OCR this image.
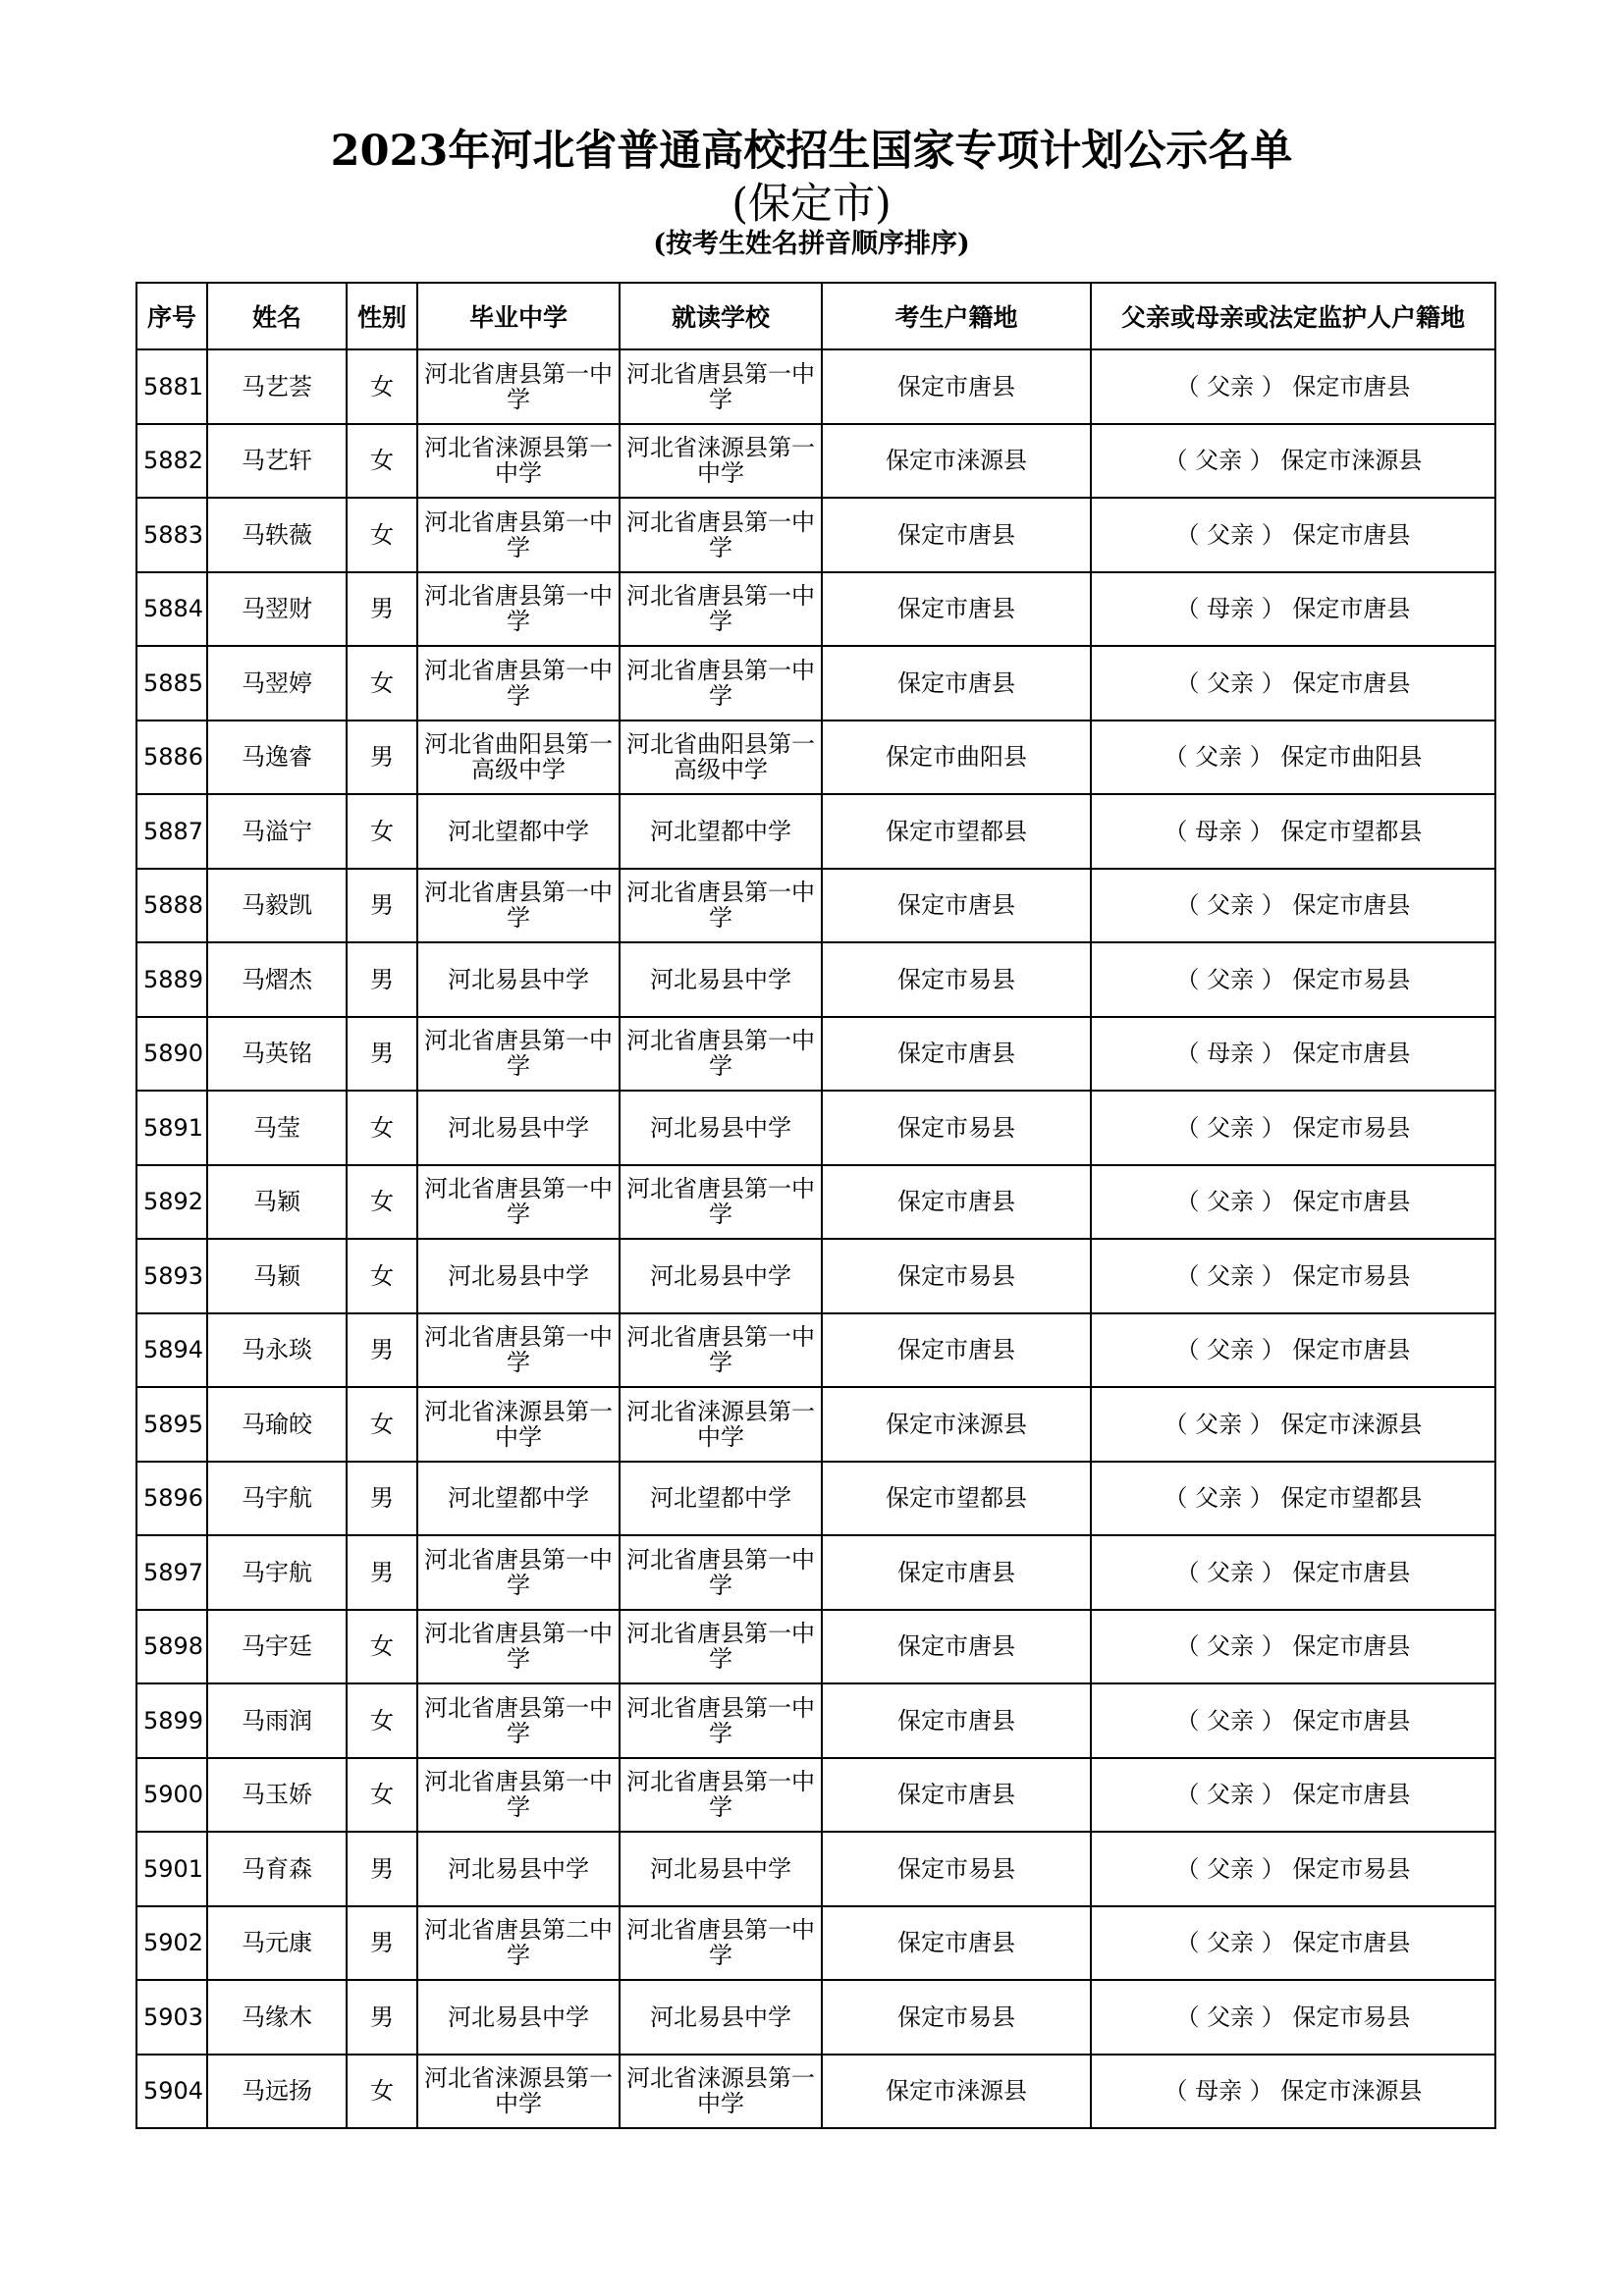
2023年河北省普通高校招生国家专项计划公示名单
(保定市)
(按考生姓名拼音顺序排序)
序号	姓名	性别	毕业中学	就读学校	考生户籍地	父亲或母亲或法定监护人户籍地
5881	马艺荟	女	河北省唐县第一中学	河北省唐县第一中学	保定市唐县	（ 父亲 ） 保定市唐县
5882	马艺轩	女	河北省涞源县第一中学	河北省涞源县第一中学	保定市涞源县	（ 父亲 ） 保定市涞源县
5883	马轶薇	女	河北省唐县第一中学	河北省唐县第一中学	保定市唐县	（ 父亲 ） 保定市唐县
5884	马翌财	男	河北省唐县第一中学	河北省唐县第一中学	保定市唐县	（ 母亲 ） 保定市唐县
5885	马翌婷	女	河北省唐县第一中学	河北省唐县第一中学	保定市唐县	（ 父亲 ） 保定市唐县
5886	马逸睿	男	河北省曲阳县第一高级中学	河北省曲阳县第一高级中学	保定市曲阳县	（ 父亲 ） 保定市曲阳县
5887	马溢宁	女	河北望都中学	河北望都中学	保定市望都县	（ 母亲 ） 保定市望都县
5888	马毅凯	男	河北省唐县第一中学	河北省唐县第一中学	保定市唐县	（ 父亲 ） 保定市唐县
5889	马熠杰	男	河北易县中学	河北易县中学	保定市易县	（ 父亲 ） 保定市易县
5890	马英铭	男	河北省唐县第一中学	河北省唐县第一中学	保定市唐县	（ 母亲 ） 保定市唐县
5891	马莹	女	河北易县中学	河北易县中学	保定市易县	（ 父亲 ） 保定市易县
5892	马颖	女	河北省唐县第一中学	河北省唐县第一中学	保定市唐县	（ 父亲 ） 保定市唐县
5893	马颖	女	河北易县中学	河北易县中学	保定市易县	（ 父亲 ） 保定市易县
5894	马永琰	男	河北省唐县第一中学	河北省唐县第一中学	保定市唐县	（ 父亲 ） 保定市唐县
5895	马瑜皎	女	河北省涞源县第一中学	河北省涞源县第一中学	保定市涞源县	（ 父亲 ） 保定市涞源县
5896	马宇航	男	河北望都中学	河北望都中学	保定市望都县	（ 父亲 ） 保定市望都县
5897	马宇航	男	河北省唐县第一中学	河北省唐县第一中学	保定市唐县	（ 父亲 ） 保定市唐县
5898	马宇廷	女	河北省唐县第一中学	河北省唐县第一中学	保定市唐县	（ 父亲 ） 保定市唐县
5899	马雨润	女	河北省唐县第一中学	河北省唐县第一中学	保定市唐县	（ 父亲 ） 保定市唐县
5900	马玉娇	女	河北省唐县第一中学	河北省唐县第一中学	保定市唐县	（ 父亲 ） 保定市唐县
5901	马育森	男	河北易县中学	河北易县中学	保定市易县	（ 父亲 ） 保定市易县
5902	马元康	男	河北省唐县第二中学	河北省唐县第一中学	保定市唐县	（ 父亲 ） 保定市唐县
5903	马缘木	男	河北易县中学	河北易县中学	保定市易县	（ 父亲 ） 保定市易县
5904	马远扬	女	河北省涞源县第一中学	河北省涞源县第一中学	保定市涞源县	（ 母亲 ） 保定市涞源县
